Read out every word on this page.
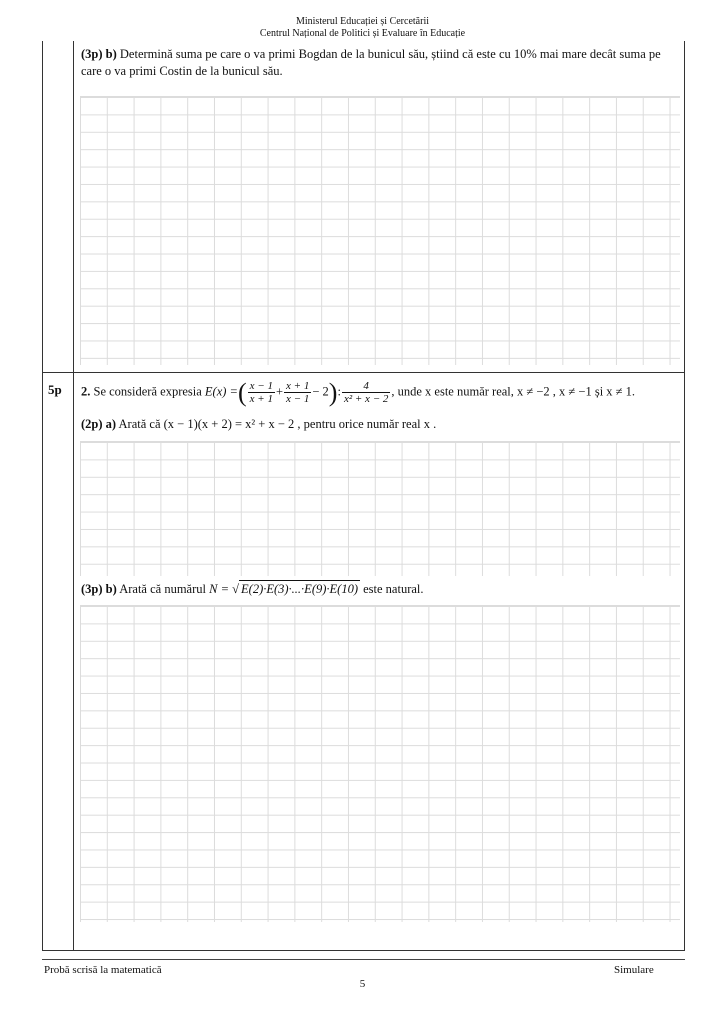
Ministerul Educației și Cercetării
Centrul Național de Politici și Evaluare în Educație
(3p) b) Determină suma pe care o va primi Bogdan de la bunicul său, știind că este cu 10% mai mare decât suma pe care o va primi Costin de la bunicul său.
5p 2. Se consideră expresia E(x) =( $\frac{x - 1}{x + 1} + \frac{x + 1}{x - 1} - 2$): $\frac{4}{\text{x² + x − 2}}$ , unde x este număr real, x ≠ −2 , x ≠ −1 și x ≠ 1.
(2p) a) Arată că (x − 1)(x + 2) = x² + x − 2 , pentru orice număr real x .
(3p) b) Arată că numărul N = √ E(2)·E(3)·...·E(9)·E(10) este natural.
Probă scrisă la matematică	Simulare
5
